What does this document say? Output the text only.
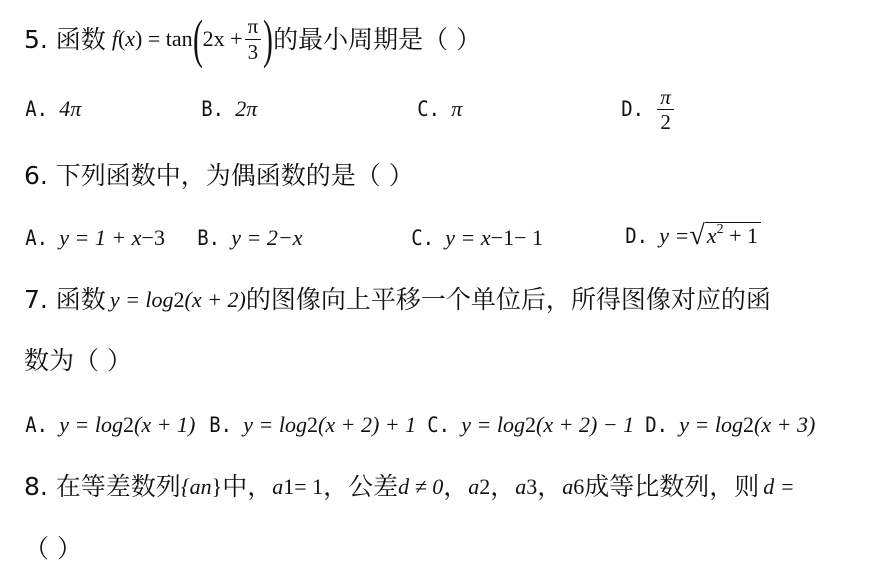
5. 函数 f(x) = tan ( $2x + \frac{\pi}{3}$ ) 的最小周期是（ ）
A. 4π	B. 2π	C. π	D. $\frac{\pi}{2}$
6. 下列函数中，为偶函数的是（ ）
A. y = 1 + x −3 B. y = 2 −x	C. y = x −1 − 1	D. y = √ $x^2 + 1$
7. 函数 y = log 2 (x + 2) 的图像向上平移一个单位后，所得图像对应的函
数为（ ）
A. y = log 2 (x + 1) B. y = log 2 (x + 2) + 1 C. y = log 2 (x + 2) − 1 D. y = log 2 (x + 3)
8. 在等差数列 {a n } 中， a 1 = 1 ，公差 d ≠ 0 ， a 2 ， a 3 ， a 6 成等比数列，则 d =
（ ）
